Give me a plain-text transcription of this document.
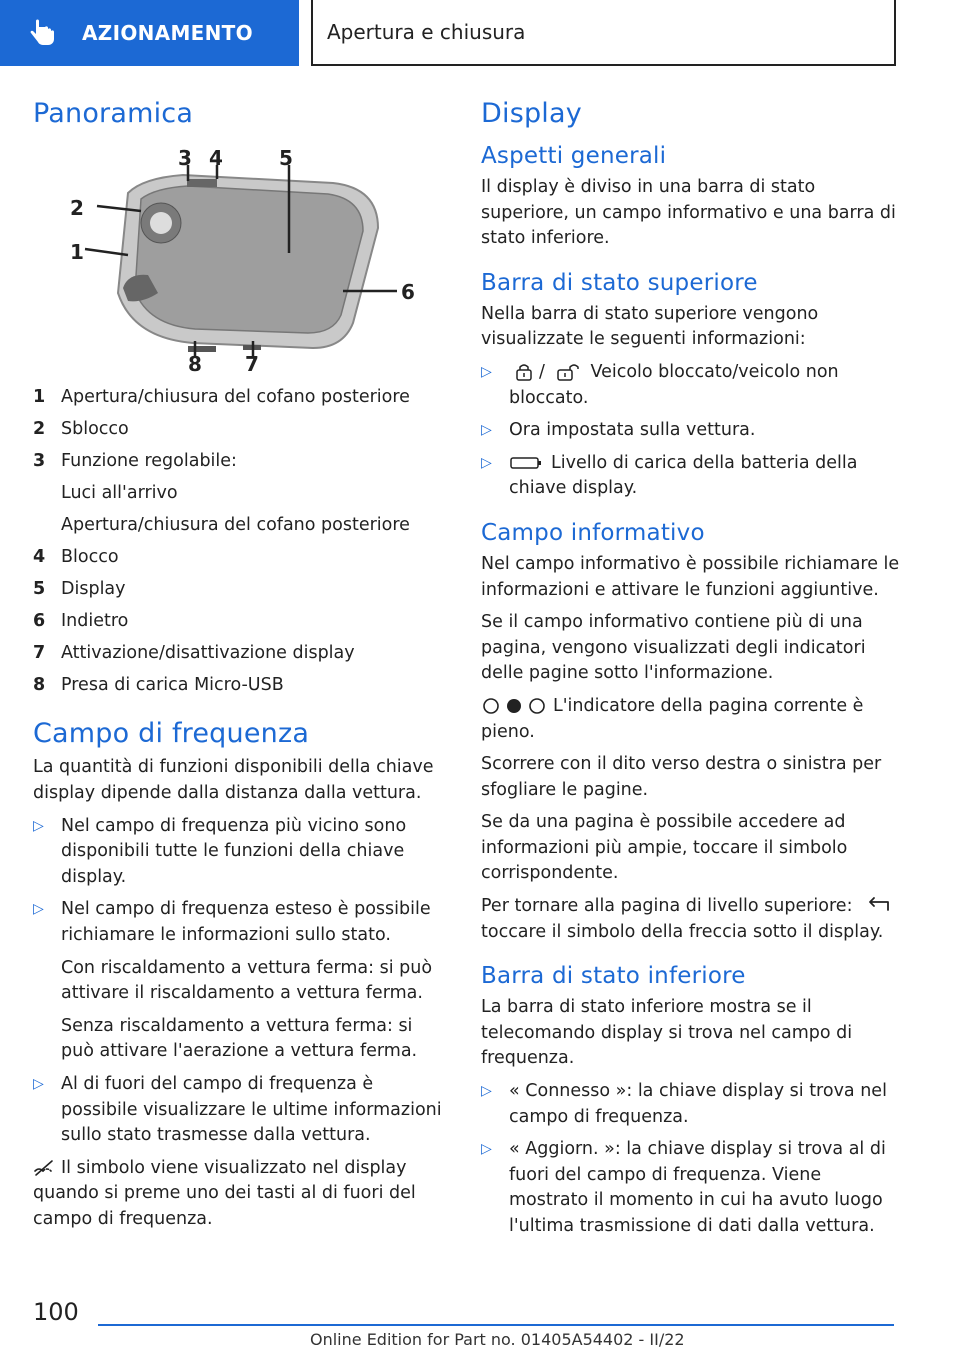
AZIONAMENTO	Apertura e chiusura
Panoramica
3 4	5
2
1
6
8 7
1 Apertura/chiusura del cofano posteriore
2 Sblocco
3 Funzione regolabile:
Luci all'arrivo
Apertura/chiusura del cofano posteriore
4 Blocco
5 Display
6 Indietro
7 Attivazione/disattivazione display
8 Presa di carica Micro-USB
Campo di frequenza

La quantità di funzioni disponibili della chiave display dipende dalla distanza dalla vettura.

▷ Nel campo di frequenza più vicino sono disponibili tutte le funzioni della chiave display.
▷ Nel campo di frequenza esteso è possibile richiamare le informazioni sullo stato.

Con riscaldamento a vettura ferma: si può attivare il riscaldamento a vettura ferma.
Senza riscaldamento a vettura ferma: si può attivare l'aerazione a vettura ferma.

▷ Al di fuori del campo di frequenza è possibile visualizzare le ultime informazioni sullo stato trasmesse dalla vettura.

Il simbolo viene visualizzato nel display quando si preme uno dei tasti al di fuori del campo di frequenza.

Display
Aspetti generali

Il display è diviso in una barra di stato superiore, un campo informativo e una barra di stato inferiore.

Barra di stato superiore

Nella barra di stato superiore vengono visualizzate le seguenti informazioni:

▷	/	Veicolo bloccato/veicolo non bloccato.
▷ Ora impostata sulla vettura.
▷	Livello di carica della batteria della chiave display.
Campo informativo

Nel campo informativo è possibile richiamare le informazioni e attivare le funzioni aggiuntive.

Se il campo informativo contiene più di una pagina, vengono visualizzati degli indicatori delle pagine sotto l'informazione.

L'indicatore della pagina corrente è pieno.

Scorrere con il dito verso destra o sinistra per sfogliare le pagine.

Se da una pagina è possibile accedere ad informazioni più ampie, toccare il simbolo corrispondente.

Per tornare alla pagina di livello superiore:
toccare il simbolo della freccia sotto il display.

Barra di stato inferiore

La barra di stato inferiore mostra se il telecomando display si trova nel campo di frequenza.

▷ « Connesso »: la chiave display si trova nel campo di frequenza.
▷ « Aggiorn. »: la chiave display si trova al di fuori del campo di frequenza. Viene mostrato il momento in cui ha avuto luogo l'ultima trasmissione di dati dalla vettura.
100
Online Edition for Part no. 01405A54402 - II/22
